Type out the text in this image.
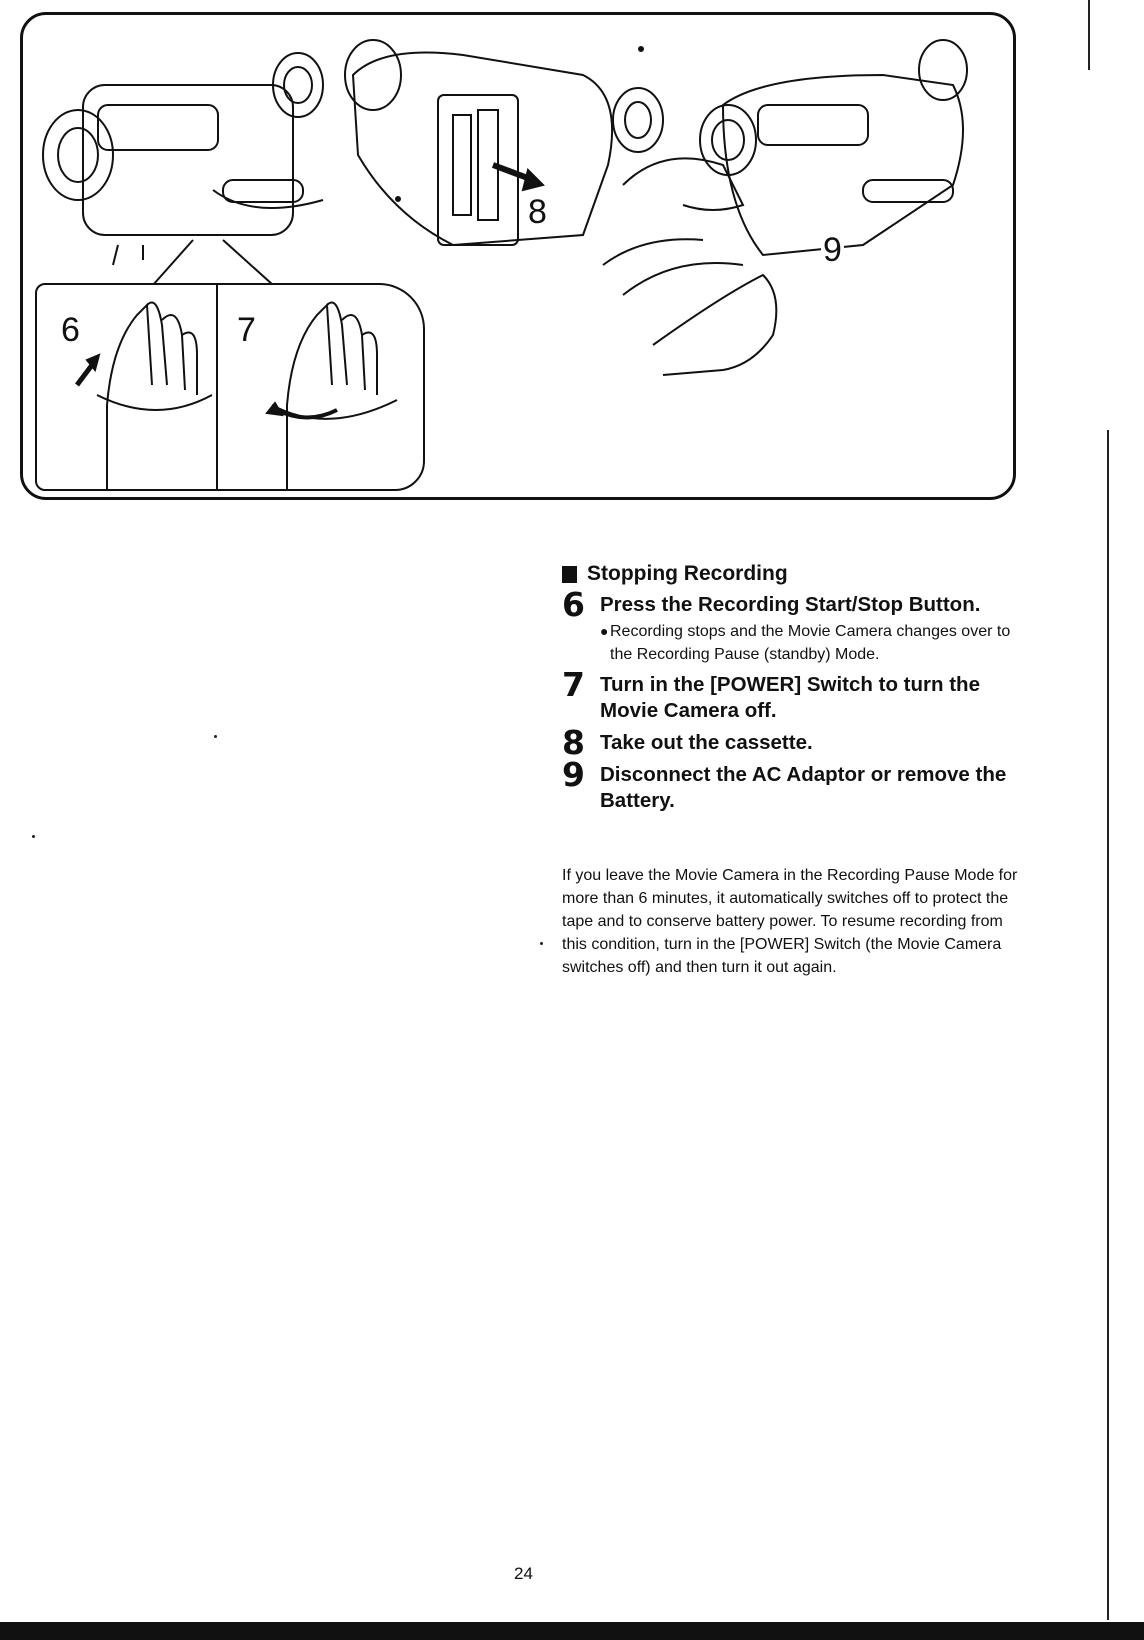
6	7
8
9
Stopping Recording
6 Press the Recording Start/Stop Button.
● Recording stops and the Movie Camera changes over to the Recording Pause (standby) Mode.
7 Turn in the [POWER] Switch to turn the Movie Camera off.
8 Take out the cassette.
9 Disconnect the AC Adaptor or remove the Battery.

If you leave the Movie Camera in the Recording Pause Mode for more than 6 minutes, it automatically switches off to protect the tape and to conserve battery power. To resume recording from this condition, turn in the [POWER] Switch (the Movie Camera switches off) and then turn it out again.

24
